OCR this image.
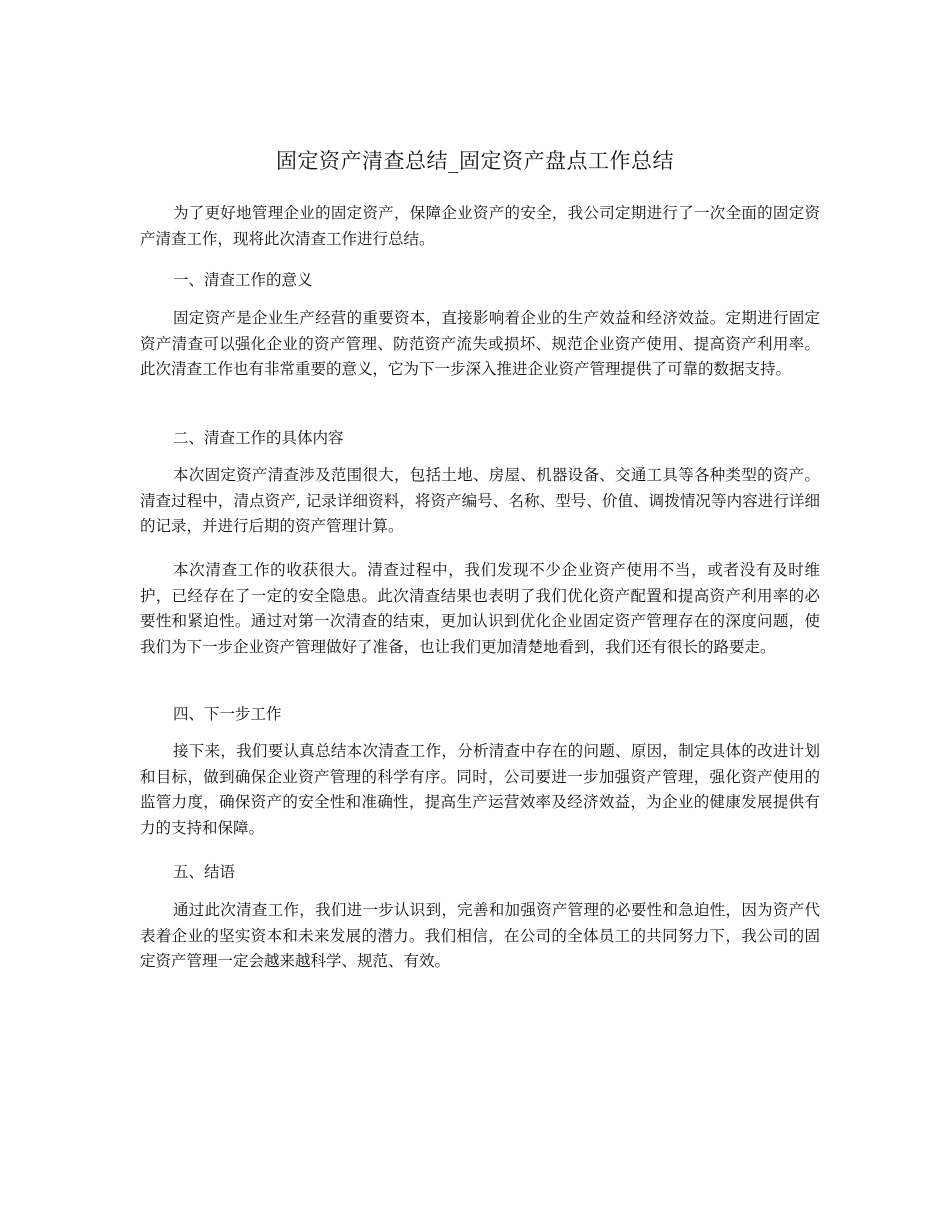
固定资产清查总结_固定资产盘点工作总结

为了更好地管理企业的固定资产，保障企业资产的安全，我公司定期进行了一次全面的固定资产清查工作，现将此次清查工作进行总结。

一、清查工作的意义

固定资产是企业生产经营的重要资本，直接影响着企业的生产效益和经济效益。定期进行固定资产清查可以强化企业的资产管理、防范资产流失或损坏、规范企业资产使用、提高资产利用率。此次清查工作也有非常重要的意义，它为下一步深入推进企业资产管理提供了可靠的数据支持。

二、清查工作的具体内容

本次固定资产清查涉及范围很大，包括土地、房屋、机器设备、交通工具等各种类型的资产。清查过程中，清点资产, 记录详细资料，将资产编号、名称、型号、价值、调拨情况等内容进行详细的记录，并进行后期的资产管理计算。

本次清查工作的收获很大。清查过程中，我们发现不少企业资产使用不当，或者没有及时维护，已经存在了一定的安全隐患。此次清查结果也表明了我们优化资产配置和提高资产利用率的必要性和紧迫性。通过对第一次清查的结束，更加认识到优化企业固定资产管理存在的深度问题，使我们为下一步企业资产管理做好了准备，也让我们更加清楚地看到，我们还有很长的路要走。

四、下一步工作

接下来，我们要认真总结本次清查工作，分析清查中存在的问题、原因，制定具体的改进计划和目标，做到确保企业资产管理的科学有序。同时，公司要进一步加强资产管理，强化资产使用的监管力度，确保资产的安全性和准确性，提高生产运营效率及经济效益，为企业的健康发展提供有力的支持和保障。

五、结语

通过此次清查工作，我们进一步认识到，完善和加强资产管理的必要性和急迫性，因为资产代表着企业的坚实资本和未来发展的潜力。我们相信，在公司的全体员工的共同努力下，我公司的固定资产管理一定会越来越科学、规范、有效。
